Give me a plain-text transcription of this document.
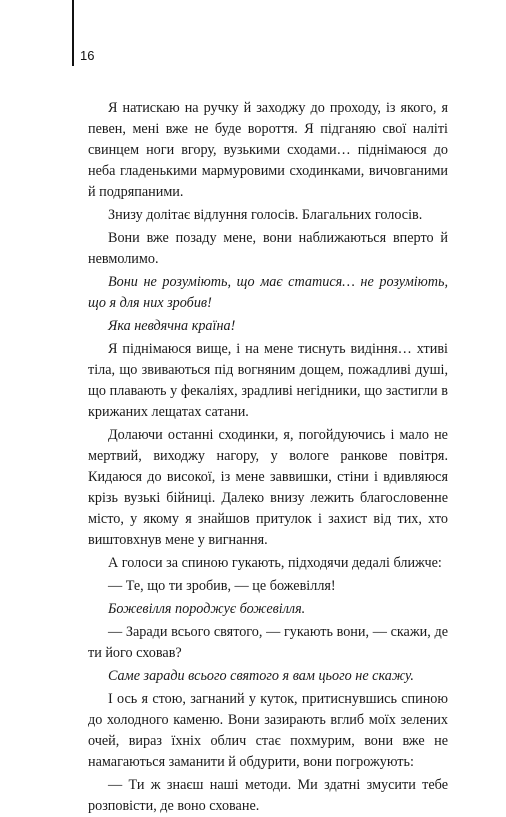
16

Я натискаю на ручку й заходжу до проходу, із якого, я певен, мені вже не буде вороття. Я підганяю свої наліті свинцем ноги вгору, вузькими сходами… піднімаюся до неба гладенькими мармуровими сходинками, вичовганими й подряпаними.

Знизу долітає відлуння голосів. Благальних голосів.

Вони вже позаду мене, вони наближаються вперто й невмолимо.

Вони не розуміють, що має статися… не розуміють, що я для них зробив!

Яка невдячна країна!

Я піднімаюся вище, і на мене тиснуть видіння… хтиві тіла, що звиваються під вогняним дощем, пожадливі душі, що плавають у фекаліях, зрадливі негідники, що застигли в крижаних лещатах сатани.

Долаючи останні сходинки, я, погойдуючись і мало не мертвий, виходжу нагору, у вологе ранкове повітря. Кидаюся до високої, із мене заввишки, стіни і вдивляюся крізь вузькі бійниці. Далеко внизу лежить благословенне місто, у якому я знайшов притулок і захист від тих, хто виштовхнув мене у вигнання.

А голоси за спиною гукають, підходячи дедалі ближче:

— Те, що ти зробив, — це божевілля!

Божевілля породжує божевілля.

— Заради всього святого, — гукають вони, — скажи, де ти його сховав?

Саме заради всього святого я вам цього не скажу.

І ось я стою, загнаний у куток, притиснувшись спиною до холодного каменю. Вони зазирають вглиб моїх зелених очей, вираз їхніх облич стає похмурим, вони вже не намагаються заманити й обдурити, вони погрожують:

— Ти ж знаєш наші методи. Ми здатні змусити тебе розповісти, де воно сховане.
